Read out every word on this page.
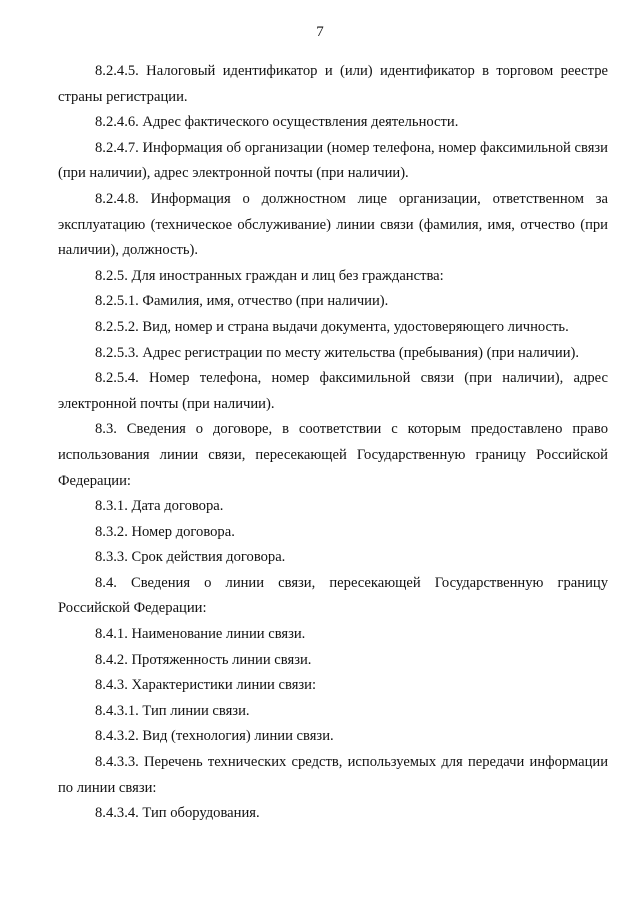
7

8.2.4.5. Налоговый идентификатор и (или) идентификатор в торговом реестре страны регистрации.

8.2.4.6. Адрес фактического осуществления деятельности.

8.2.4.7. Информация об организации (номер телефона, номер факсимильной связи (при наличии), адрес электронной почты (при наличии).

8.2.4.8. Информация о должностном лице организации, ответственном за эксплуатацию (техническое обслуживание) линии связи (фамилия, имя, отчество (при наличии), должность).

8.2.5. Для иностранных граждан и лиц без гражданства:

8.2.5.1. Фамилия, имя, отчество (при наличии).

8.2.5.2. Вид, номер и страна выдачи документа, удостоверяющего личность.

8.2.5.3. Адрес регистрации по месту жительства (пребывания) (при наличии).

8.2.5.4. Номер телефона, номер факсимильной связи (при наличии), адрес электронной почты (при наличии).

8.3. Сведения о договоре, в соответствии с которым предоставлено право использования линии связи, пересекающей Государственную границу Российской Федерации:

8.3.1. Дата договора.

8.3.2. Номер договора.

8.3.3. Срок действия договора.

8.4. Сведения о линии связи, пересекающей Государственную границу Российской Федерации:

8.4.1. Наименование линии связи.

8.4.2. Протяженность линии связи.

8.4.3. Характеристики линии связи:

8.4.3.1. Тип линии связи.

8.4.3.2. Вид (технология) линии связи.

8.4.3.3. Перечень технических средств, используемых для передачи информации по линии связи:

8.4.3.4. Тип оборудования.
